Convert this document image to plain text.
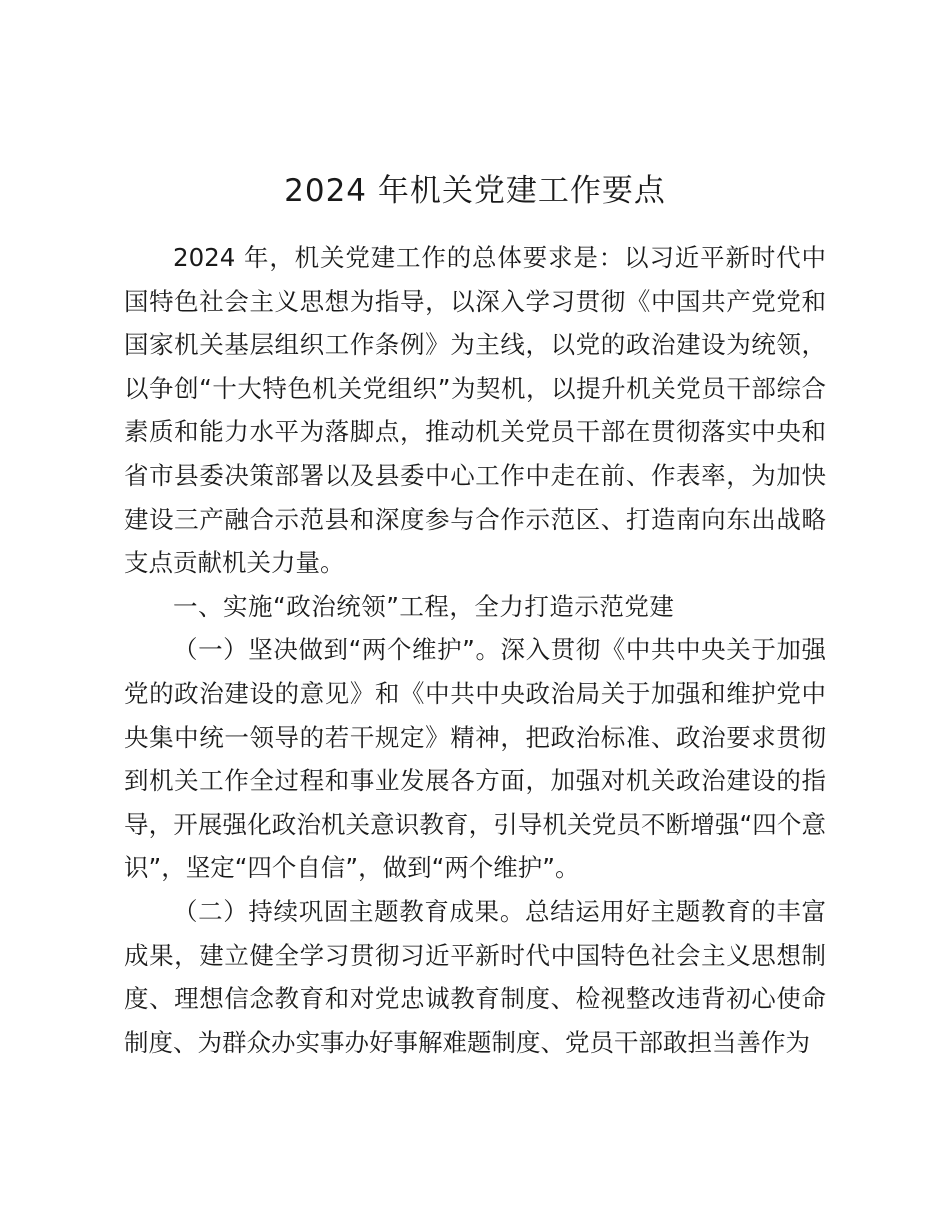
2024 年机关党建工作要点

2024 年，机关党建工作的总体要求是：以习近平新时代中国特色社会主义思想为指导，以深入学习贯彻《中国共产党党和国家机关基层组织工作条例》为主线，以党的政治建设为统领，以争创“十大特色机关党组织”为契机，以提升机关党员干部综合素质和能力水平为落脚点，推动机关党员干部在贯彻落实中央和省市县委决策部署以及县委中心工作中走在前、作表率，为加快建设三产融合示范县和深度参与合作示范区、打造南向东出战略支点贡献机关力量。

一、实施“政治统领”工程，全力打造示范党建

（一）坚决做到“两个维护”。深入贯彻《中共中央关于加强党的政治建设的意见》和《中共中央政治局关于加强和维护党中央集中统一领导的若干规定》精神，把政治标准、政治要求贯彻到机关工作全过程和事业发展各方面，加强对机关政治建设的指导，开展强化政治机关意识教育，引导机关党员不断增强“四个意识”，坚定“四个自信”，做到“两个维护”。

（二）持续巩固主题教育成果。总结运用好主题教育的丰富成果，建立健全学习贯彻习近平新时代中国特色社会主义思想制度、理想信念教育和对党忠诚教育制度、检视整改违背初心使命制度、为群众办实事办好事解难题制度、党员干部敢担当善作为
